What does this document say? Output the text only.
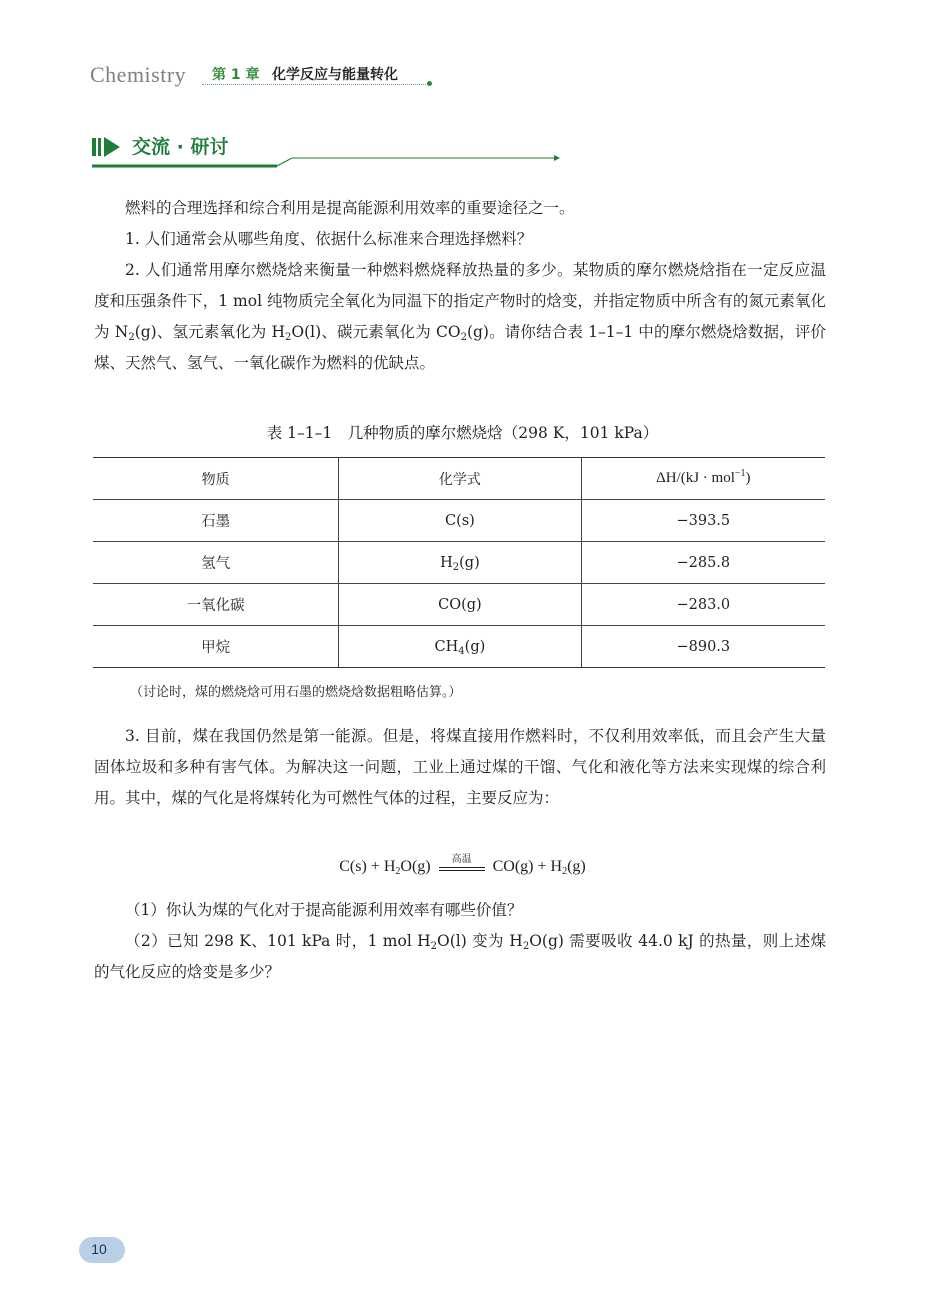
Chemistry 第 1 章 化学反应与能量转化
交流 · 研讨

燃料的合理选择和综合利用是提高能源利用效率的重要途径之一。

1. 人们通常会从哪些角度、依据什么标准来合理选择燃料？

2. 人们通常用摩尔燃烧焓来衡量一种燃料燃烧释放热量的多少。某物质的摩尔燃烧焓指在一定反应温度和压强条件下，1 mol 纯物质完全氧化为同温下的指定产物时的焓变，并指定物质中所含有的氮元素氧化为 $N_2(g)$、氢元素氧化为 $H_2O(l)$、碳元素氧化为 $CO_2(g)$。请你结合表 1–1–1 中的摩尔燃烧焓数据，评价煤、天然气、氢气、一氧化碳作为燃料的优缺点。

表 1–1–1　几种物质的摩尔燃烧焓（298 K，101 kPa）
物质	化学式	ΔH/(kJ · mol$^{-1}$)
石墨	C(s)	−393.5
氢气	$H_2(g)$	−285.8
一氧化碳	CO(g)	−283.0
甲烷	$CH_4(g)$	−890.3
（讨论时，煤的燃烧焓可用石墨的燃烧焓数据粗略估算。）

3. 目前，煤在我国仍然是第一能源。但是，将煤直接用作燃料时，不仅利用效率低，而且会产生大量固体垃圾和多种有害气体。为解决这一问题，工业上通过煤的干馏、气化和液化等方法来实现煤的综合利用。其中，煤的气化是将煤转化为可燃性气体的过程，主要反应为：

$C(s) + H_2O(g)$	高温	$CO(g) + H_2(g)$

（1）你认为煤的气化对于提高能源利用效率有哪些价值？

（2）已知 298 K、101 kPa 时，1 mol $H_2O(l)$ 变为 $H_2O(g)$ 需要吸收 44.0 kJ 的热量，则上述煤的气化反应的焓变是多少？

10
